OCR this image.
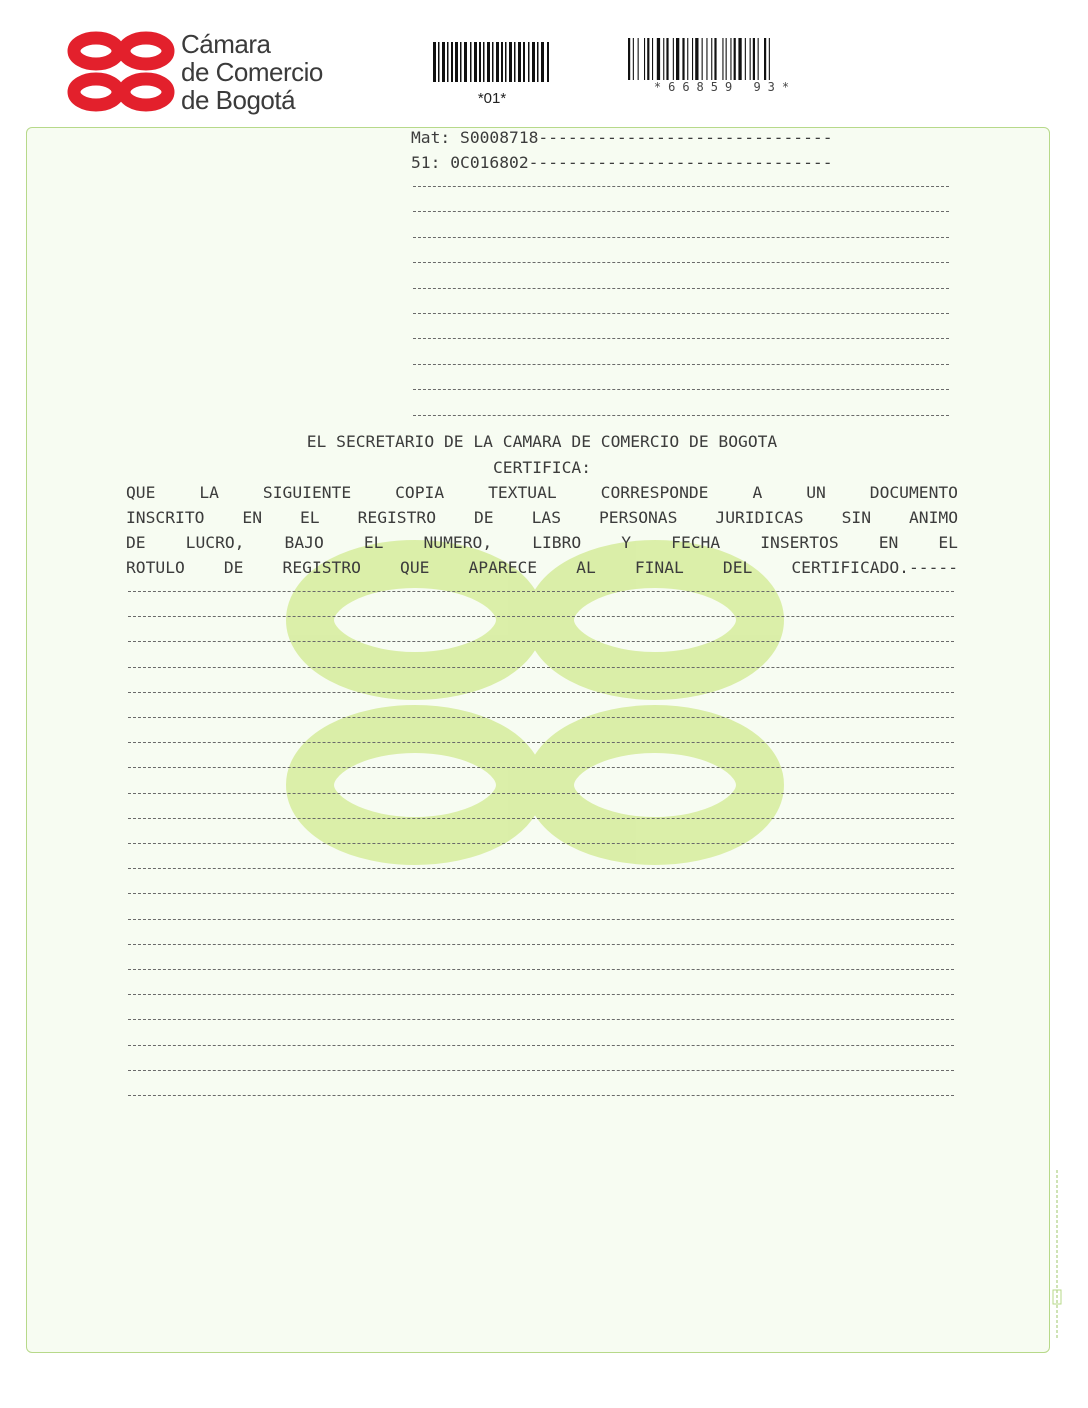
Cámara
de Comercio
de Bogotá	*01*
*66859 93*
Mat: S0008718------------------------------
51: 0C016802-------------------------------
EL SECRETARIO DE LA CAMARA DE COMERCIO DE BOGOTA
CERTIFICA:
QUE LA SIGUIENTE COPIA TEXTUAL CORRESPONDE A UN DOCUMENTO
INSCRITO EN EL REGISTRO DE LAS PERSONAS JURIDICAS SIN ANIMO
DE LUCRO, BAJO EL NUMERO, LIBRO Y FECHA INSERTOS EN EL
ROTULO DE REGISTRO QUE APARECE AL FINAL DEL CERTIFICADO.-----
